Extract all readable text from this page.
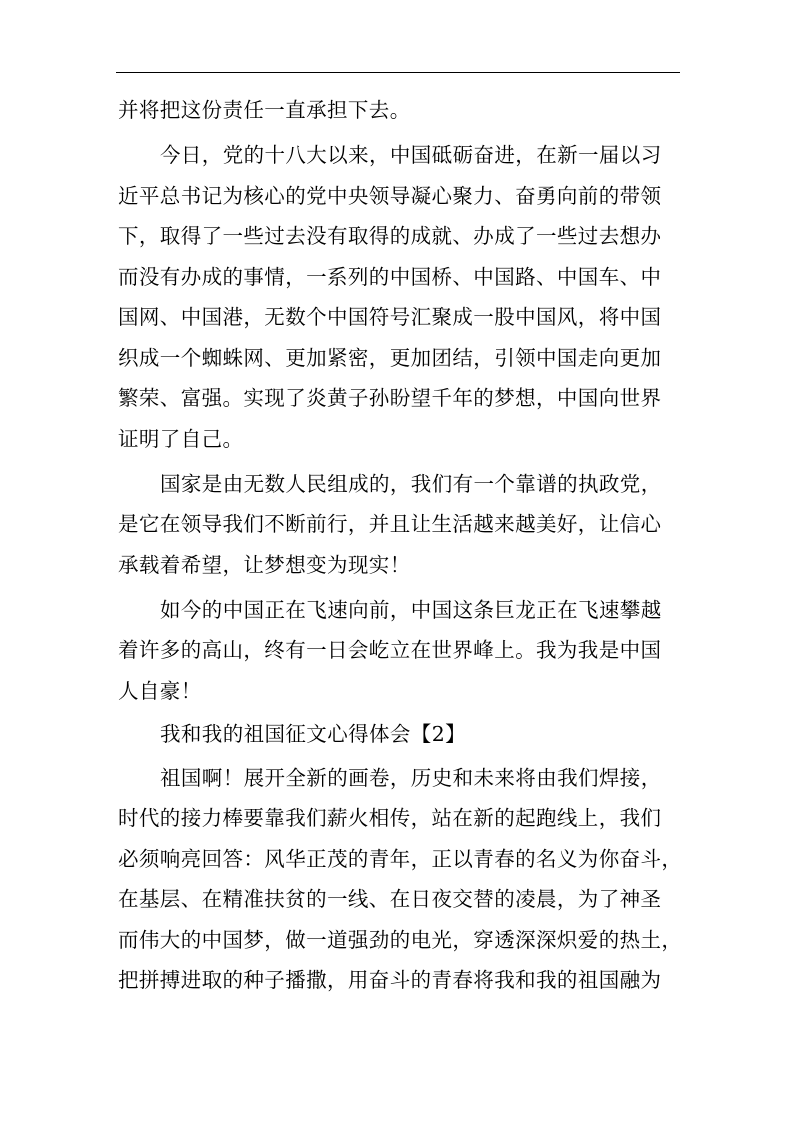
并将把这份责任一直承担下去。
今日，党的十八大以来，中国砥砺奋进，在新一届以习
近平总书记为核心的党中央领导凝心聚力、奋勇向前的带领
下，取得了一些过去没有取得的成就、办成了一些过去想办
而没有办成的事情，一系列的中国桥、中国路、中国车、中
国网、中国港，无数个中国符号汇聚成一股中国风，将中国
织成一个蜘蛛网、更加紧密，更加团结，引领中国走向更加
繁荣、富强。实现了炎黄子孙盼望千年的梦想，中国向世界
证明了自己。
国家是由无数人民组成的，我们有一个靠谱的执政党，
是它在领导我们不断前行，并且让生活越来越美好，让信心
承载着希望，让梦想变为现实！
如今的中国正在飞速向前，中国这条巨龙正在飞速攀越
着许多的高山，终有一日会屹立在世界峰上。我为我是中国
人自豪！
我和我的祖国征文心得体会【2】
祖国啊！展开全新的画卷，历史和未来将由我们焊接，
时代的接力棒要靠我们薪火相传，站在新的起跑线上，我们
必须响亮回答：风华正茂的青年，正以青春的名义为你奋斗，
在基层、在精准扶贫的一线、在日夜交替的凌晨，为了神圣
而伟大的中国梦，做一道强劲的电光，穿透深深炽爱的热土，
把拼搏进取的种子播撒，用奋斗的青春将我和我的祖国融为
